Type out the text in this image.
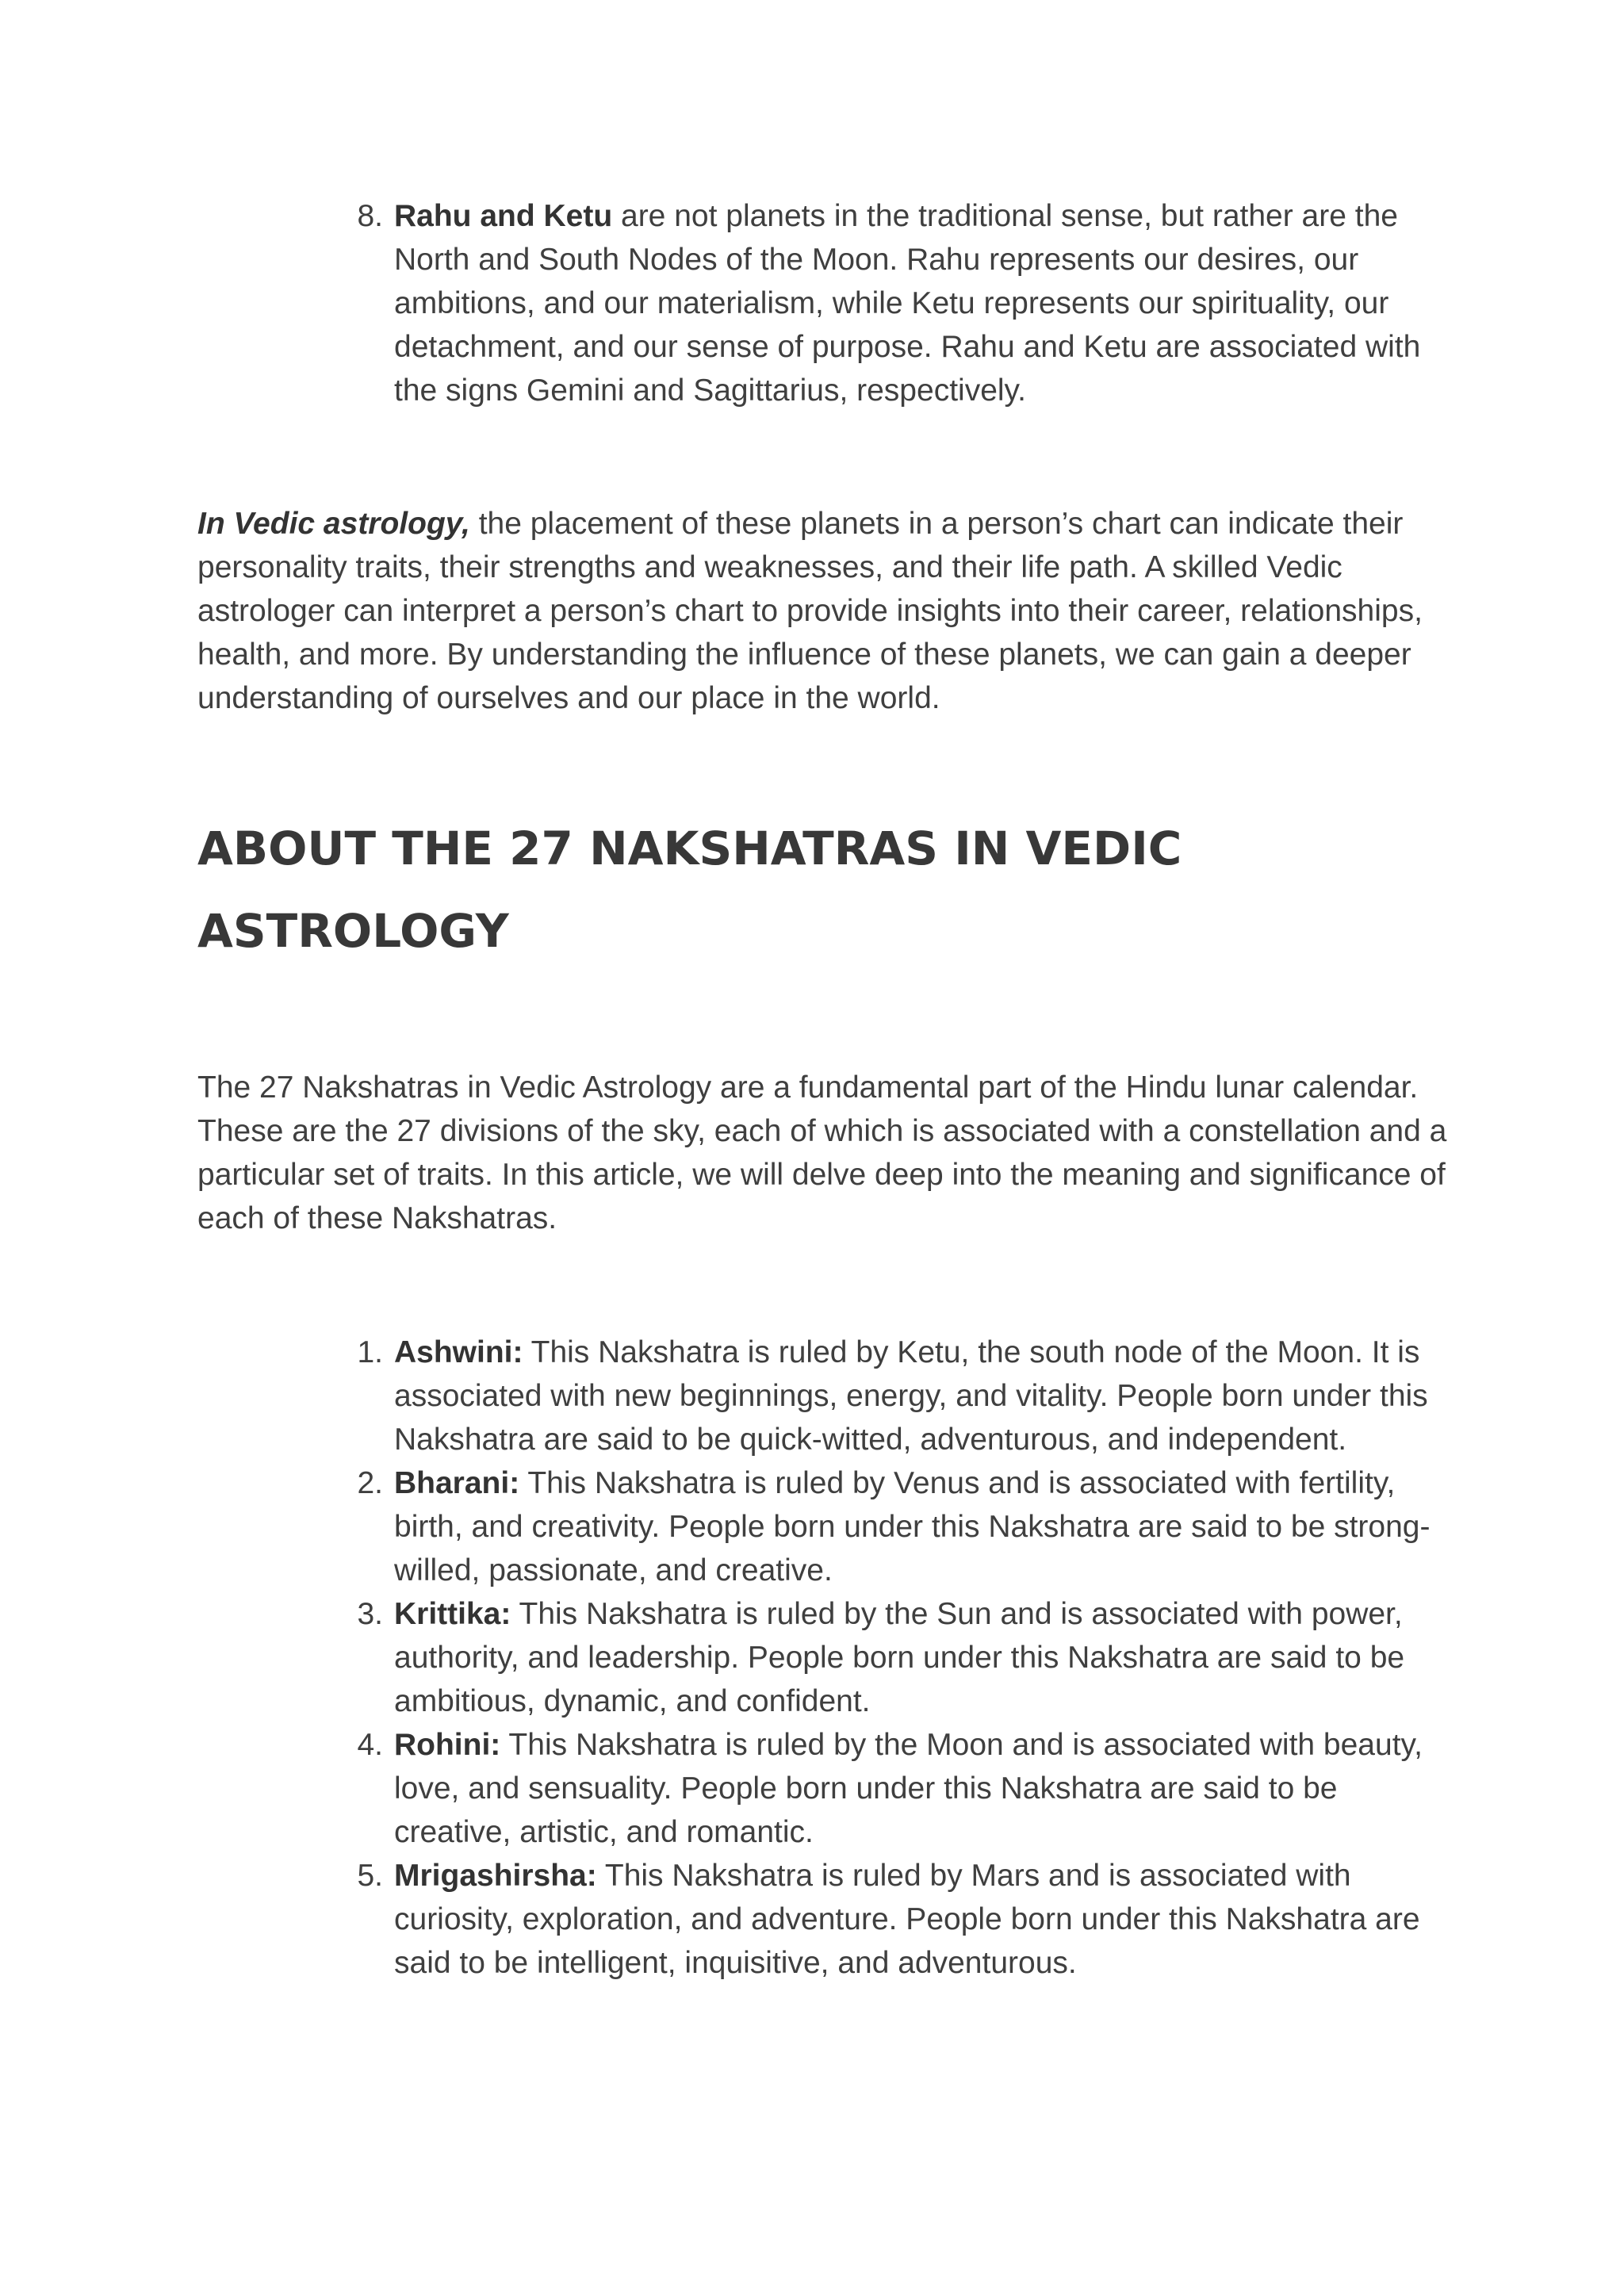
8. Rahu and Ketu are not planets in the traditional sense, but rather are the North and South Nodes of the Moon. Rahu represents our desires, our ambitions, and our materialism, while Ketu represents our spirituality, our detachment, and our sense of purpose. Rahu and Ketu are associated with the signs Gemini and Sagittarius, respectively.

In Vedic astrology, the placement of these planets in a person’s chart can indicate their personality traits, their strengths and weaknesses, and their life path. A skilled Vedic astrologer can interpret a person’s chart to provide insights into their career, relationships, health, and more. By understanding the influence of these planets, we can gain a deeper understanding of ourselves and our place in the world.

ABOUT THE 27 NAKSHATRAS IN VEDIC ASTROLOGY

The 27 Nakshatras in Vedic Astrology are a fundamental part of the Hindu lunar calendar. These are the 27 divisions of the sky, each of which is associated with a constellation and a particular set of traits. In this article, we will delve deep into the meaning and significance of each of these Nakshatras.

1. Ashwini: This Nakshatra is ruled by Ketu, the south node of the Moon. It is associated with new beginnings, energy, and vitality. People born under this Nakshatra are said to be quick-witted, adventurous, and independent.
2. Bharani: This Nakshatra is ruled by Venus and is associated with fertility, birth, and creativity. People born under this Nakshatra are said to be strong-willed, passionate, and creative.
3. Krittika: This Nakshatra is ruled by the Sun and is associated with power, authority, and leadership. People born under this Nakshatra are said to be ambitious, dynamic, and confident.
4. Rohini: This Nakshatra is ruled by the Moon and is associated with beauty, love, and sensuality. People born under this Nakshatra are said to be creative, artistic, and romantic.
5. Mrigashirsha: This Nakshatra is ruled by Mars and is associated with curiosity, exploration, and adventure. People born under this Nakshatra are said to be intelligent, inquisitive, and adventurous.
